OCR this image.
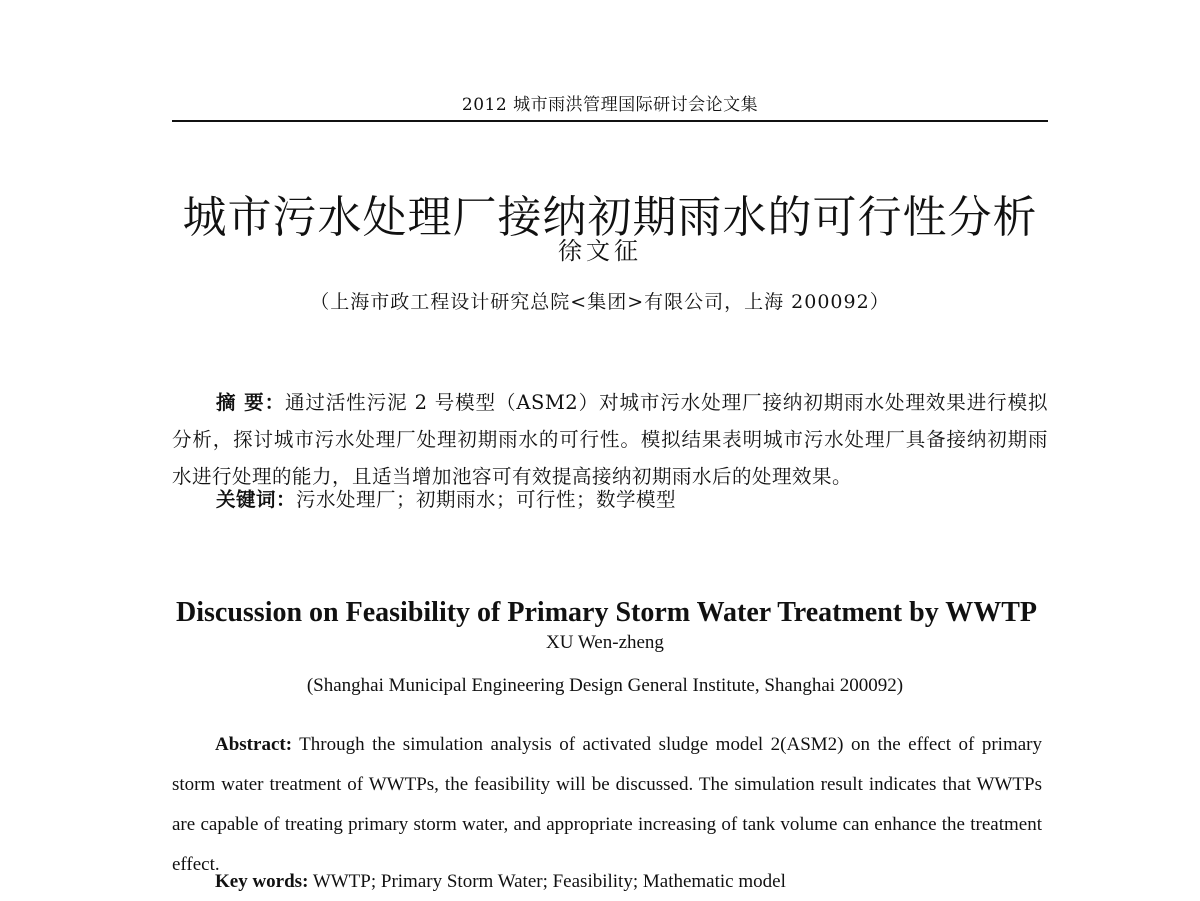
2012 城市雨洪管理国际研讨会论文集
城市污水处理厂接纳初期雨水的可行性分析
徐文征
（上海市政工程设计研究总院<集团>有限公司，上海 200092）

摘 要：通过活性污泥 2 号模型（ASM2）对城市污水处理厂接纳初期雨水处理效果进行模拟分析，探讨城市污水处理厂处理初期雨水的可行性。模拟结果表明城市污水处理厂具备接纳初期雨水进行处理的能力，且适当增加池容可有效提高接纳初期雨水后的处理效果。

关键词：污水处理厂；初期雨水；可行性；数学模型
Discussion on Feasibility of Primary Storm Water Treatment by WWTP
XU Wen-zheng
(Shanghai Municipal Engineering Design General Institute, Shanghai 200092)

Abstract: Through the simulation analysis of activated sludge model 2(ASM2) on the effect of primary storm water treatment of WWTPs, the feasibility will be discussed. The simulation result indicates that WWTPs are capable of treating primary storm water, and appropriate increasing of tank volume can enhance the treatment effect.

Key words: WWTP; Primary Storm Water; Feasibility; Mathematic model
